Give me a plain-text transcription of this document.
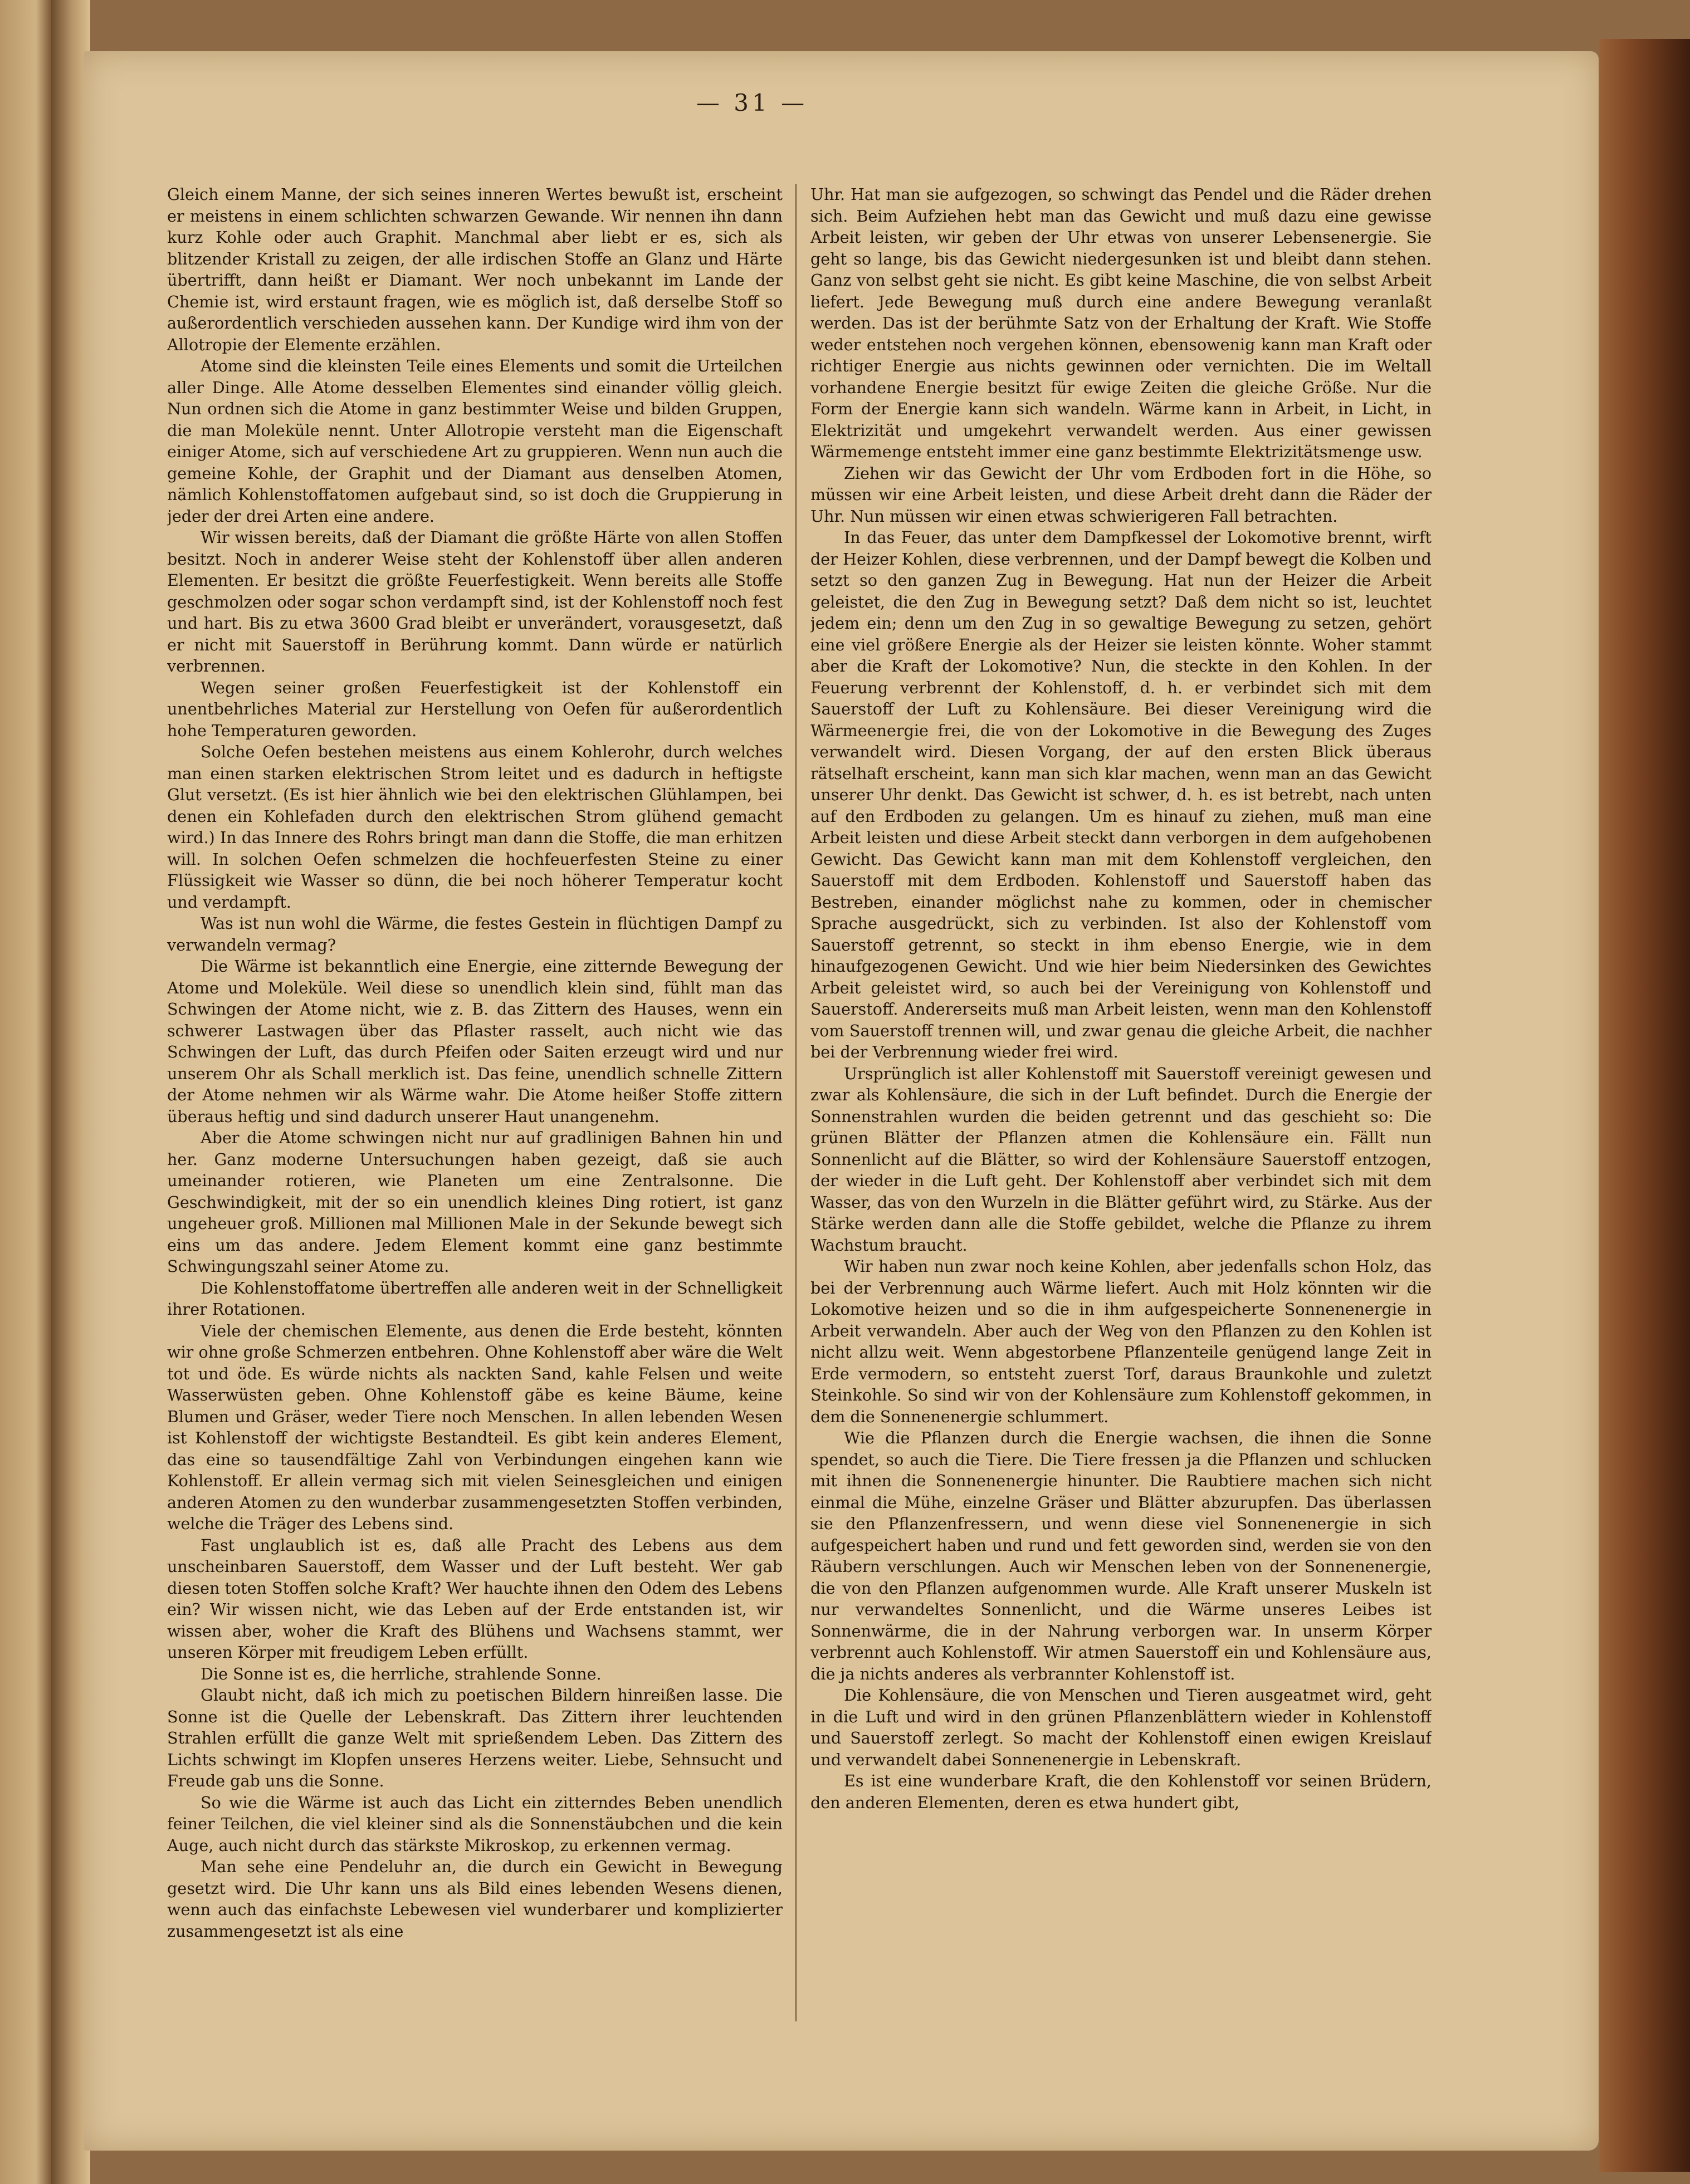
— 31 —

Gleich einem Manne, der sich seines inneren Wertes bewußt ist, erscheint er meistens in einem schlichten schwarzen Gewande. Wir nennen ihn dann kurz Kohle oder auch Graphit. Manchmal aber liebt er es, sich als blitzender Kristall zu zeigen, der alle irdischen Stoffe an Glanz und Härte übertrifft, dann heißt er Diamant. Wer noch unbekannt im Lande der Chemie ist, wird erstaunt fragen, wie es möglich ist, daß derselbe Stoff so außerordentlich verschieden aussehen kann. Der Kundige wird ihm von der Allotropie der Elemente erzählen.

Atome sind die kleinsten Teile eines Elements und somit die Urteilchen aller Dinge. Alle Atome desselben Elementes sind einander völlig gleich. Nun ordnen sich die Atome in ganz bestimmter Weise und bilden Gruppen, die man Moleküle nennt. Unter Allotropie versteht man die Eigenschaft einiger Atome, sich auf verschiedene Art zu gruppieren. Wenn nun auch die gemeine Kohle, der Graphit und der Diamant aus denselben Atomen, nämlich Kohlenstoffatomen aufgebaut sind, so ist doch die Gruppierung in jeder der drei Arten eine andere.

Wir wissen bereits, daß der Diamant die größte Härte von allen Stoffen besitzt. Noch in anderer Weise steht der Kohlenstoff über allen anderen Elementen. Er besitzt die größte Feuerfestigkeit. Wenn bereits alle Stoffe geschmolzen oder sogar schon verdampft sind, ist der Kohlenstoff noch fest und hart. Bis zu etwa 3600 Grad bleibt er unverändert, vorausgesetzt, daß er nicht mit Sauerstoff in Berührung kommt. Dann würde er natürlich verbrennen.

Wegen seiner großen Feuerfestigkeit ist der Kohlenstoff ein unentbehrliches Material zur Herstellung von Oefen für außerordentlich hohe Temperaturen geworden.

Solche Oefen bestehen meistens aus einem Kohlerohr, durch welches man einen starken elektrischen Strom leitet und es dadurch in heftigste Glut versetzt. (Es ist hier ähnlich wie bei den elektrischen Glühlampen, bei denen ein Kohlefaden durch den elektrischen Strom glühend gemacht wird.) In das Innere des Rohrs bringt man dann die Stoffe, die man erhitzen will. In solchen Oefen schmelzen die hochfeuerfesten Steine zu einer Flüssigkeit wie Wasser so dünn, die bei noch höherer Temperatur kocht und verdampft.

Was ist nun wohl die Wärme, die festes Gestein in flüchtigen Dampf zu verwandeln vermag?

Die Wärme ist bekanntlich eine Energie, eine zitternde Bewegung der Atome und Moleküle. Weil diese so unendlich klein sind, fühlt man das Schwingen der Atome nicht, wie z. B. das Zittern des Hauses, wenn ein schwerer Lastwagen über das Pflaster rasselt, auch nicht wie das Schwingen der Luft, das durch Pfeifen oder Saiten erzeugt wird und nur unserem Ohr als Schall merklich ist. Das feine, unendlich schnelle Zittern der Atome nehmen wir als Wärme wahr. Die Atome heißer Stoffe zittern überaus heftig und sind dadurch unserer Haut unangenehm.

Aber die Atome schwingen nicht nur auf gradlinigen Bahnen hin und her. Ganz moderne Untersuchungen haben gezeigt, daß sie auch umeinander rotieren, wie Planeten um eine Zentralsonne. Die Geschwindigkeit, mit der so ein unendlich kleines Ding rotiert, ist ganz ungeheuer groß. Millionen mal Millionen Male in der Sekunde bewegt sich eins um das andere. Jedem Element kommt eine ganz bestimmte Schwingungszahl seiner Atome zu.

Die Kohlenstoffatome übertreffen alle anderen weit in der Schnelligkeit ihrer Rotationen.

Viele der chemischen Elemente, aus denen die Erde besteht, könnten wir ohne große Schmerzen entbehren. Ohne Kohlenstoff aber wäre die Welt tot und öde. Es würde nichts als nackten Sand, kahle Felsen und weite Wasserwüsten geben. Ohne Kohlenstoff gäbe es keine Bäume, keine Blumen und Gräser, weder Tiere noch Menschen. In allen lebenden Wesen ist Kohlenstoff der wichtigste Bestandteil. Es gibt kein anderes Element, das eine so tausendfältige Zahl von Verbindungen eingehen kann wie Kohlenstoff. Er allein vermag sich mit vielen Seinesgleichen und einigen anderen Atomen zu den wunderbar zusammengesetzten Stoffen verbinden, welche die Träger des Lebens sind.

Fast unglaublich ist es, daß alle Pracht des Lebens aus dem unscheinbaren Sauerstoff, dem Wasser und der Luft besteht. Wer gab diesen toten Stoffen solche Kraft? Wer hauchte ihnen den Odem des Lebens ein? Wir wissen nicht, wie das Leben auf der Erde entstanden ist, wir wissen aber, woher die Kraft des Blühens und Wachsens stammt, wer unseren Körper mit freudigem Leben erfüllt.

Die Sonne ist es, die herrliche, strahlende Sonne.

Glaubt nicht, daß ich mich zu poetischen Bildern hinreißen lasse. Die Sonne ist die Quelle der Lebenskraft. Das Zittern ihrer leuchtenden Strahlen erfüllt die ganze Welt mit sprießendem Leben. Das Zittern des Lichts schwingt im Klopfen unseres Herzens weiter. Liebe, Sehnsucht und Freude gab uns die Sonne.

So wie die Wärme ist auch das Licht ein zitterndes Beben unendlich feiner Teilchen, die viel kleiner sind als die Sonnenstäubchen und die kein Auge, auch nicht durch das stärkste Mikroskop, zu erkennen vermag.

Man sehe eine Pendeluhr an, die durch ein Gewicht in Bewegung gesetzt wird. Die Uhr kann uns als Bild eines lebenden Wesens dienen, wenn auch das einfachste Lebewesen viel wunderbarer und komplizierter zusammengesetzt ist als eine

Uhr. Hat man sie aufgezogen, so schwingt das Pendel und die Räder drehen sich. Beim Aufziehen hebt man das Gewicht und muß dazu eine gewisse Arbeit leisten, wir geben der Uhr etwas von unserer Lebensenergie. Sie geht so lange, bis das Gewicht niedergesunken ist und bleibt dann stehen. Ganz von selbst geht sie nicht. Es gibt keine Maschine, die von selbst Arbeit liefert. Jede Bewegung muß durch eine andere Bewegung veranlaßt werden. Das ist der berühmte Satz von der Erhaltung der Kraft. Wie Stoffe weder entstehen noch vergehen können, ebensowenig kann man Kraft oder richtiger Energie aus nichts gewinnen oder vernichten. Die im Weltall vorhandene Energie besitzt für ewige Zeiten die gleiche Größe. Nur die Form der Energie kann sich wandeln. Wärme kann in Arbeit, in Licht, in Elektrizität und umgekehrt verwandelt werden. Aus einer gewissen Wärmemenge entsteht immer eine ganz bestimmte Elektrizitätsmenge usw.

Ziehen wir das Gewicht der Uhr vom Erdboden fort in die Höhe, so müssen wir eine Arbeit leisten, und diese Arbeit dreht dann die Räder der Uhr. Nun müssen wir einen etwas schwierigeren Fall betrachten.

In das Feuer, das unter dem Dampfkessel der Lokomotive brennt, wirft der Heizer Kohlen, diese verbrennen, und der Dampf bewegt die Kolben und setzt so den ganzen Zug in Bewegung. Hat nun der Heizer die Arbeit geleistet, die den Zug in Bewegung setzt? Daß dem nicht so ist, leuchtet jedem ein; denn um den Zug in so gewaltige Bewegung zu setzen, gehört eine viel größere Energie als der Heizer sie leisten könnte. Woher stammt aber die Kraft der Lokomotive? Nun, die steckte in den Kohlen. In der Feuerung verbrennt der Kohlenstoff, d. h. er verbindet sich mit dem Sauerstoff der Luft zu Kohlensäure. Bei dieser Vereinigung wird die Wärmeenergie frei, die von der Lokomotive in die Bewegung des Zuges verwandelt wird. Diesen Vorgang, der auf den ersten Blick überaus rätselhaft erscheint, kann man sich klar machen, wenn man an das Gewicht unserer Uhr denkt. Das Gewicht ist schwer, d. h. es ist betrebt, nach unten auf den Erdboden zu gelangen. Um es hinauf zu ziehen, muß man eine Arbeit leisten und diese Arbeit steckt dann verborgen in dem aufgehobenen Gewicht. Das Gewicht kann man mit dem Kohlenstoff vergleichen, den Sauerstoff mit dem Erdboden. Kohlenstoff und Sauerstoff haben das Bestreben, einander möglichst nahe zu kommen, oder in chemischer Sprache ausgedrückt, sich zu verbinden. Ist also der Kohlenstoff vom Sauerstoff getrennt, so steckt in ihm ebenso Energie, wie in dem hinaufgezogenen Gewicht. Und wie hier beim Niedersinken des Gewichtes Arbeit geleistet wird, so auch bei der Vereinigung von Kohlenstoff und Sauerstoff. Andererseits muß man Arbeit leisten, wenn man den Kohlenstoff vom Sauerstoff trennen will, und zwar genau die gleiche Arbeit, die nachher bei der Verbrennung wieder frei wird.

Ursprünglich ist aller Kohlenstoff mit Sauerstoff vereinigt gewesen und zwar als Kohlensäure, die sich in der Luft befindet. Durch die Energie der Sonnenstrahlen wurden die beiden getrennt und das geschieht so: Die grünen Blätter der Pflanzen atmen die Kohlensäure ein. Fällt nun Sonnenlicht auf die Blätter, so wird der Kohlensäure Sauerstoff entzogen, der wieder in die Luft geht. Der Kohlenstoff aber verbindet sich mit dem Wasser, das von den Wurzeln in die Blätter geführt wird, zu Stärke. Aus der Stärke werden dann alle die Stoffe gebildet, welche die Pflanze zu ihrem Wachstum braucht.

Wir haben nun zwar noch keine Kohlen, aber jedenfalls schon Holz, das bei der Verbrennung auch Wärme liefert. Auch mit Holz könnten wir die Lokomotive heizen und so die in ihm aufgespeicherte Sonnenenergie in Arbeit verwandeln. Aber auch der Weg von den Pflanzen zu den Kohlen ist nicht allzu weit. Wenn abgestorbene Pflanzenteile genügend lange Zeit in Erde vermodern, so entsteht zuerst Torf, daraus Braunkohle und zuletzt Steinkohle. So sind wir von der Kohlensäure zum Kohlenstoff gekommen, in dem die Sonnenenergie schlummert.

Wie die Pflanzen durch die Energie wachsen, die ihnen die Sonne spendet, so auch die Tiere. Die Tiere fressen ja die Pflanzen und schlucken mit ihnen die Sonnenenergie hinunter. Die Raubtiere machen sich nicht einmal die Mühe, einzelne Gräser und Blätter abzurupfen. Das überlassen sie den Pflanzenfressern, und wenn diese viel Sonnenenergie in sich aufgespeichert haben und rund und fett geworden sind, werden sie von den Räubern verschlungen. Auch wir Menschen leben von der Sonnenenergie, die von den Pflanzen aufgenommen wurde. Alle Kraft unserer Muskeln ist nur verwandeltes Sonnenlicht, und die Wärme unseres Leibes ist Sonnenwärme, die in der Nahrung verborgen war. In unserm Körper verbrennt auch Kohlenstoff. Wir atmen Sauerstoff ein und Kohlensäure aus, die ja nichts anderes als verbrannter Kohlenstoff ist.

Die Kohlensäure, die von Menschen und Tieren ausgeatmet wird, geht in die Luft und wird in den grünen Pflanzenblättern wieder in Kohlenstoff und Sauerstoff zerlegt. So macht der Kohlenstoff einen ewigen Kreislauf und verwandelt dabei Sonnenenergie in Lebenskraft.

Es ist eine wunderbare Kraft, die den Kohlenstoff vor seinen Brüdern, den anderen Elementen, deren es etwa hundert gibt,
